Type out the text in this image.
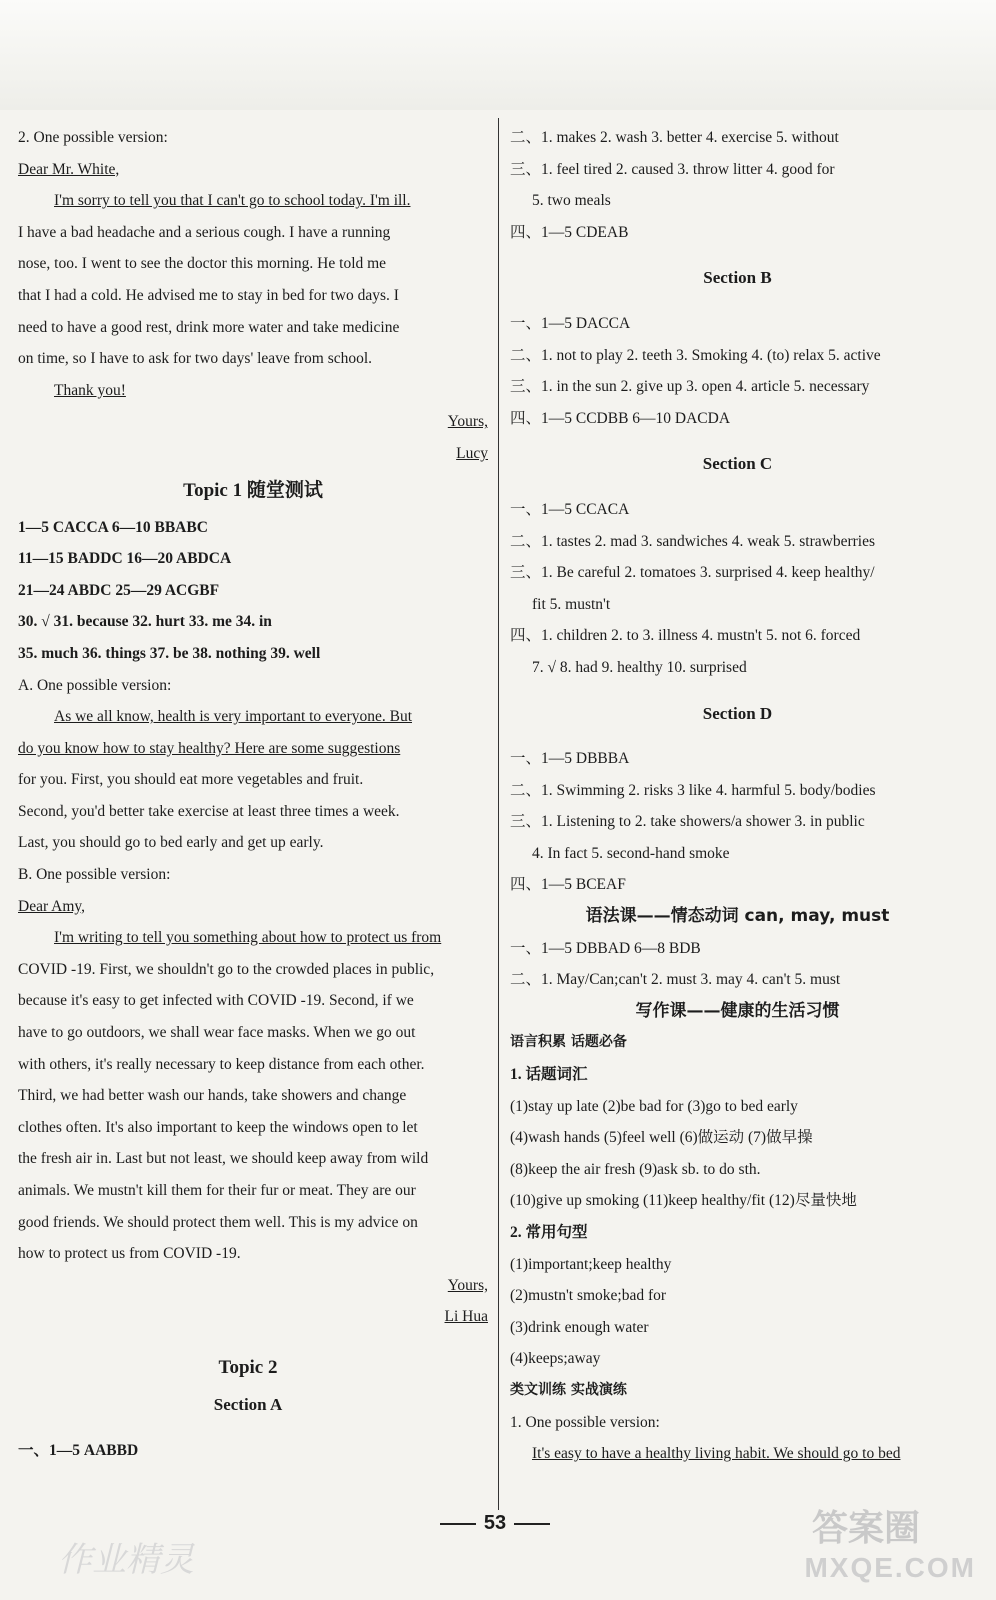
2. One possible version:
Dear Mr. White,
I'm sorry to tell you that I can't go to school today. I'm ill.
I have a bad headache and a serious cough. I have a running
nose, too. I went to see the doctor this morning. He told me
that I had a cold. He advised me to stay in bed for two days. I
need to have a good rest, drink more water and take medicine
on time, so I have to ask for two days' leave from school.
Thank you!
Yours,
Lucy
Topic 1 随堂测试
1—5 CACCA 6—10 BBABC
11—15 BADDC 16—20 ABDCA
21—24 ABDC 25—29 ACGBF
30. √ 31. because 32. hurt 33. me 34. in
35. much 36. things 37. be 38. nothing 39. well
A. One possible version:
As we all know, health is very important to everyone. But
do you know how to stay healthy? Here are some suggestions
for you. First, you should eat more vegetables and fruit.
Second, you'd better take exercise at least three times a week.
Last, you should go to bed early and get up early.
B. One possible version:
Dear Amy,
I'm writing to tell you something about how to protect us from
COVID -19. First, we shouldn't go to the crowded places in public,
because it's easy to get infected with COVID -19. Second, if we
have to go outdoors, we shall wear face masks. When we go out
with others, it's really necessary to keep distance from each other.
Third, we had better wash our hands, take showers and change
clothes often. It's also important to keep the windows open to let
the fresh air in. Last but not least, we should keep away from wild
animals. We mustn't kill them for their fur or meat. They are our
good friends. We should protect them well. This is my advice on
how to protect us from COVID -19.
Yours,
Li Hua
Topic 2
Section A
一、1—5 AABBD
二、1. makes 2. wash 3. better 4. exercise 5. without
三、1. feel tired 2. caused 3. throw litter 4. good for
5. two meals
四、1—5 CDEAB
Section B
一、1—5 DACCA
二、1. not to play 2. teeth 3. Smoking 4. (to) relax 5. active
三、1. in the sun 2. give up 3. open 4. article 5. necessary
四、1—5 CCDBB 6—10 DACDA
Section C
一、1—5 CCACA
二、1. tastes 2. mad 3. sandwiches 4. weak 5. strawberries
三、1. Be careful 2. tomatoes 3. surprised 4. keep healthy/
fit 5. mustn't
四、1. children 2. to 3. illness 4. mustn't 5. not 6. forced
7. √ 8. had 9. healthy 10. surprised
Section D
一、1—5 DBBBA
二、1. Swimming 2. risks 3 like 4. harmful 5. body/bodies
三、1. Listening to 2. take showers/a shower 3. in public
4. In fact 5. second-hand smoke
四、1—5 BCEAF
语法课——情态动词 can, may, must
一、1—5 DBBAD 6—8 BDB
二、1. May/Can;can't 2. must 3. may 4. can't 5. must
写作课——健康的生活习惯
语言积累 话题必备
1. 话题词汇
(1)stay up late (2)be bad for (3)go to bed early
(4)wash hands (5)feel well (6)做运动 (7)做早操
(8)keep the air fresh (9)ask sb. to do sth.
(10)give up smoking (11)keep healthy/fit (12)尽量快地
2. 常用句型
(1)important;keep healthy
(2)mustn't smoke;bad for
(3)drink enough water
(4)keeps;away
类文训练 实战演练
1. One possible version:
It's easy to have a healthy living habit. We should go to bed
53
作业精灵
答案圈
MXQE.COM
